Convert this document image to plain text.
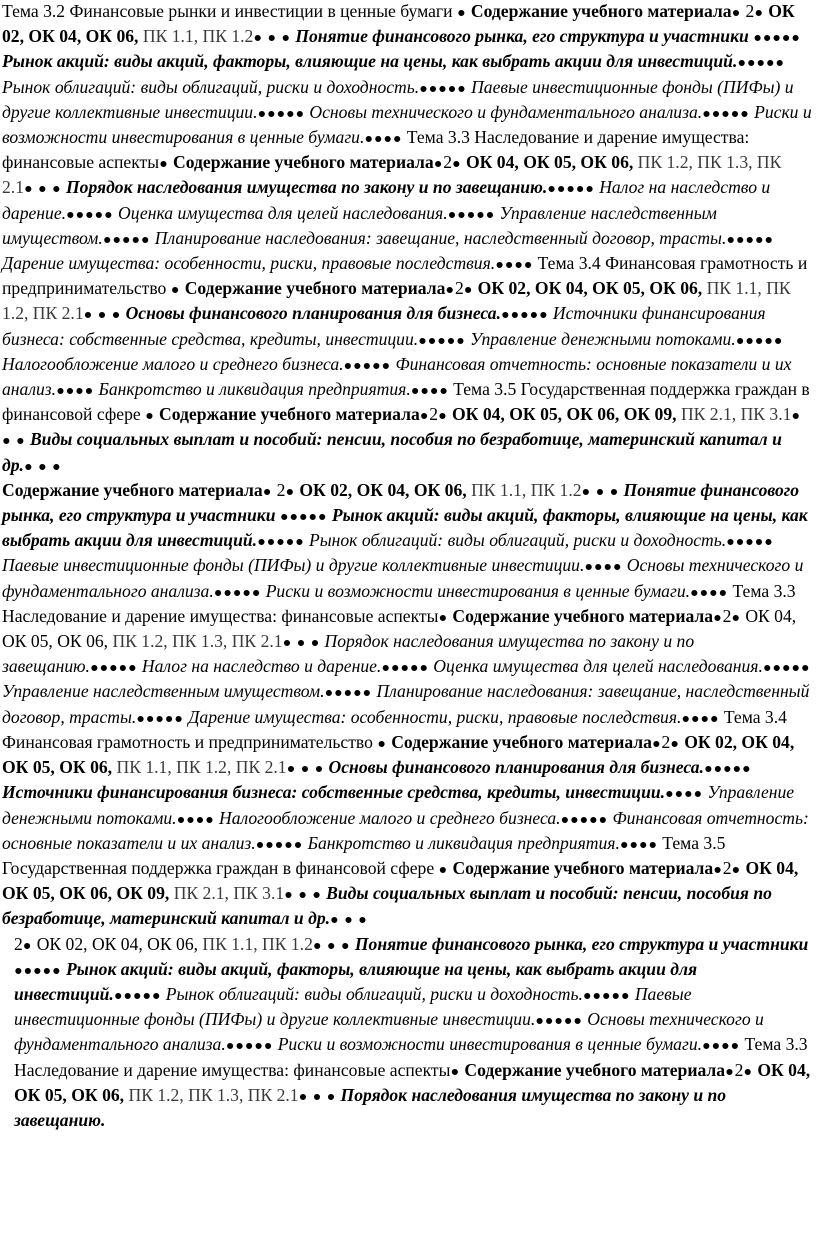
Тема 3.2 Финансовые рынки и инвестиции в ценные бумаги ● Содержание учебного материала● 2● ОК 02, ОК 04, ОК 06, ПК 1.1, ПК 1.2● ● ● Понятие финансового рынка, его структура и участники ●●●●● Рынок акций: виды акций, факторы, влияющие на цены, как выбрать акции для инвестиций.●●●●● Рынок облигаций: виды облигаций, риски и доходность.●●●●● Паевые инвестиционные фонды (ПИФы) и другие коллективные инвестиции.●●●●● Основы технического и фундаментального анализа.●●●●● Риски и возможности инвестирования в ценные бумаги.●●●● Тема 3.3 Наследование и дарение имущества: финансовые аспекты● Содержание учебного материала●2● ОК 04, ОК 05, ОК 06, ПК 1.2, ПК 1.3, ПК 2.1● ● ● Порядок наследования имущества по закону и по завещанию.●●●●● Налог на наследство и дарение.●●●●● Оценка имущества для целей наследования.●●●●● Управление наследственным имуществом.●●●●● Планирование наследования: завещание, наследственный договор, трасты.●●●●● Дарение имущества: особенности, риски, правовые последствия.●●●● Тема 3.4 Финансовая грамотность и предпринимательство ● Содержание учебного материала●2● ОК 02, ОК 04, ОК 05, ОК 06, ПК 1.1, ПК 1.2, ПК 2.1● ● ● Основы финансового планирования для бизнеса.●●●●● Источники финансирования бизнеса: собственные средства, кредиты, инвестиции.●●●●● Управление денежными потоками.●●●●● Налогообложение малого и среднего бизнеса.●●●●● Финансовая отчетность: основные показатели и их анализ.●●●● Банкротство и ликвидация предприятия.●●●● Тема 3.5 Государственная поддержка граждан в финансовой сфере ● Содержание учебного материала●2● ОК 04, ОК 05, ОК 06, ОК 09, ПК 2.1, ПК 3.1● ● ● Виды социальных выплат и пособий: пенсии, пособия по безработице, материнский капитал и др.● ● ●

Содержание учебного материала● 2● ОК 02, ОК 04, ОК 06, ПК 1.1, ПК 1.2● ● ● Понятие финансового рынка, его структура и участники ●●●●● Рынок акций: виды акций, факторы, влияющие на цены, как выбрать акции для инвестиций.●●●●● Рынок облигаций: виды облигаций, риски и доходность.●●●●● Паевые инвестиционные фонды (ПИФы) и другие коллективные инвестиции.●●●● Основы технического и фундаментального анализа.●●●●● Риски и возможности инвестирования в ценные бумаги.●●●● Тема 3.3 Наследование и дарение имущества: финансовые аспекты● Содержание учебного материала●2● ОК 04, ОК 05, ОК 06, ПК 1.2, ПК 1.3, ПК 2.1● ● ● Порядок наследования имущества по закону и по завещанию.●●●●● Налог на наследство и дарение.●●●●● Оценка имущества для целей наследования.●●●●● Управление наследственным имуществом.●●●●● Планирование наследования: завещание, наследственный договор, трасты.●●●●● Дарение имущества: особенности, риски, правовые последствия.●●●● Тема 3.4 Финансовая грамотность и предпринимательство ● Содержание учебного материала●2● ОК 02, ОК 04, ОК 05, ОК 06, ПК 1.1, ПК 1.2, ПК 2.1● ● ● Основы финансового планирования для бизнеса.●●●●● Источники финансирования бизнеса: собственные средства, кредиты, инвестиции.●●●● Управление денежными потоками.●●●● Налогообложение малого и среднего бизнеса.●●●●● Финансовая отчетность: основные показатели и их анализ.●●●●● Банкротство и ликвидация предприятия.●●●● Тема 3.5 Государственная поддержка граждан в финансовой сфере ● Содержание учебного материала●2● ОК 04, ОК 05, ОК 06, ОК 09, ПК 2.1, ПК 3.1● ● ● Виды социальных выплат и пособий: пенсии, пособия по безработице, материнский капитал и др.● ● ●

2● ОК 02, ОК 04, ОК 06, ПК 1.1, ПК 1.2● ● ● Понятие финансового рынка, его структура и участники ●●●●● Рынок акций: виды акций, факторы, влияющие на цены, как выбрать акции для инвестиций.●●●●● Рынок облигаций: виды облигаций, риски и доходность.●●●●● Паевые инвестиционные фонды (ПИФы) и другие коллективные инвестиции.●●●●● Основы технического и фундаментального анализа.●●●●● Риски и возможности инвестирования в ценные бумаги.●●●● Тема 3.3 Наследование и дарение имущества: финансовые аспекты● Содержание учебного материала●2● ОК 04, ОК 05, ОК 06, ПК 1.2, ПК 1.3, ПК 2.1● ● ● Порядок наследования имущества по закону и по завещанию.
